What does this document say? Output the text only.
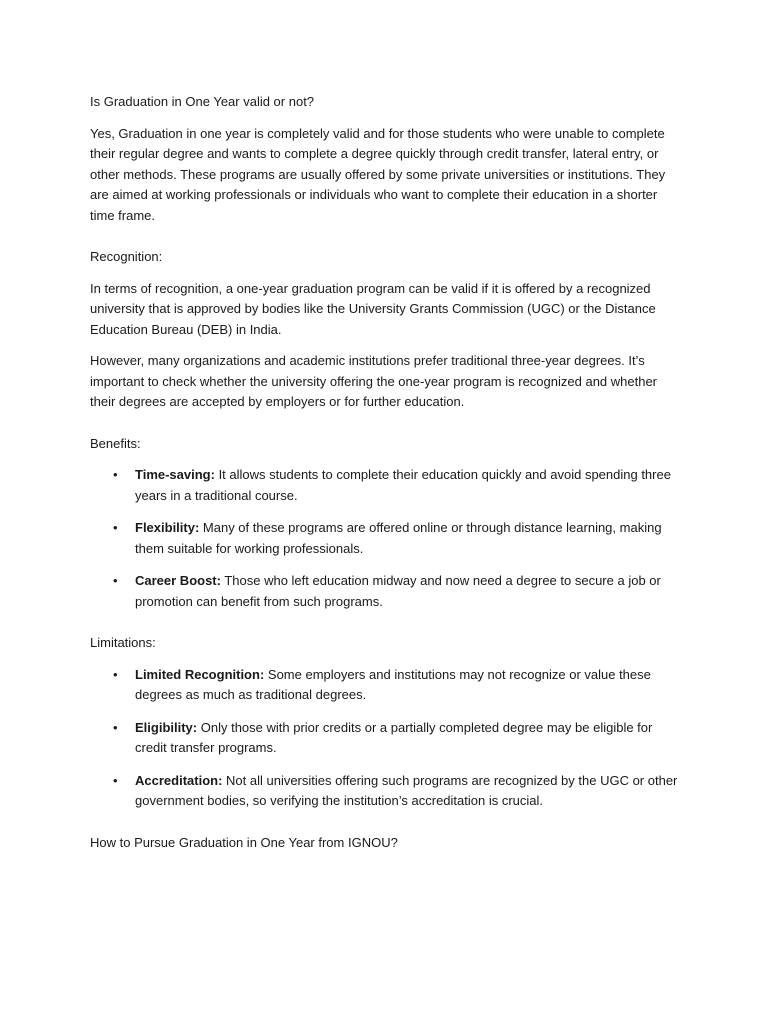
Is Graduation in One Year valid or not?

Yes, Graduation in one year is completely valid and for those students who were unable to complete their regular degree and wants to complete a degree quickly through credit transfer, lateral entry, or other methods. These programs are usually offered by some private universities or institutions. They are aimed at working professionals or individuals who want to complete their education in a shorter time frame.

Recognition:

In terms of recognition, a one-year graduation program can be valid if it is offered by a recognized university that is approved by bodies like the University Grants Commission (UGC) or the Distance Education Bureau (DEB) in India.

However, many organizations and academic institutions prefer traditional three-year degrees. It’s important to check whether the university offering the one-year program is recognized and whether their degrees are accepted by employers or for further education.

Benefits:

• Time-saving: It allows students to complete their education quickly and avoid spending three years in a traditional course.
• Flexibility: Many of these programs are offered online or through distance learning, making them suitable for working professionals.
• Career Boost: Those who left education midway and now need a degree to secure a job or promotion can benefit from such programs.

Limitations:

• Limited Recognition: Some employers and institutions may not recognize or value these degrees as much as traditional degrees.
• Eligibility: Only those with prior credits or a partially completed degree may be eligible for credit transfer programs.
• Accreditation: Not all universities offering such programs are recognized by the UGC or other government bodies, so verifying the institution’s accreditation is crucial.

How to Pursue Graduation in One Year from IGNOU?
